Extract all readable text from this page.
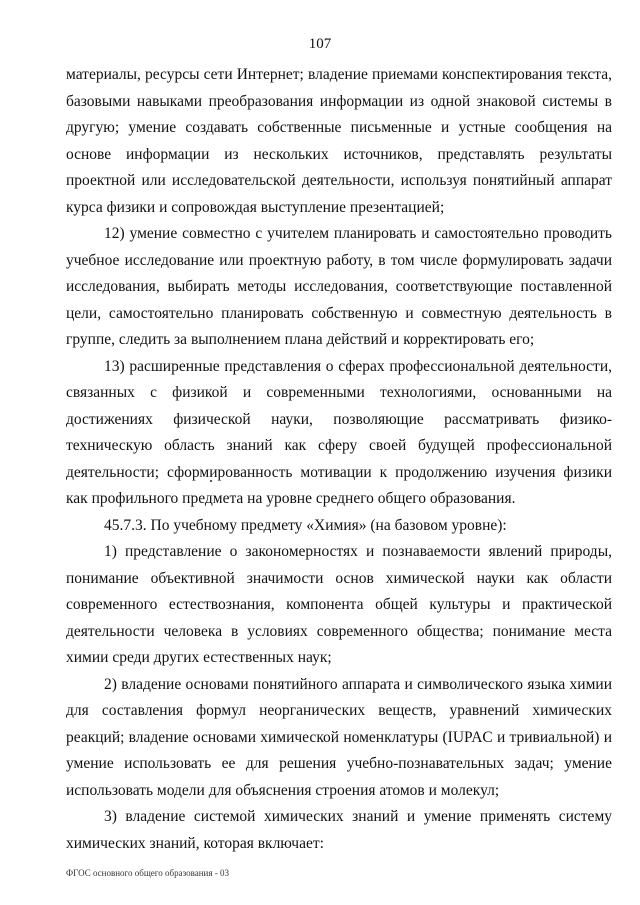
107

материалы, ресурсы сети Интернет; владение приемами конспектирования текста, базовыми навыками преобразования информации из одной знаковой системы в другую; умение создавать собственные письменные и устные сообщения на основе информации из нескольких источников, представлять результаты проектной или исследовательской деятельности, используя понятийный аппарат курса физики и сопровождая выступление презентацией;

12) умение совместно с учителем планировать и самостоятельно проводить учебное исследование или проектную работу, в том числе формулировать задачи исследования, выбирать методы исследования, соответствующие поставленной цели, самостоятельно планировать собственную и совместную деятельность в группе, следить за выполнением плана действий и корректировать его;

13) расширенные представления о сферах профессиональной деятельности, связанных с физикой и современными технологиями, основанными на достижениях физической науки, позволяющие рассматривать физико-техническую область знаний как сферу своей будущей профессиональной деятельности; сформированность мотивации к продолжению изучения физики как профильного предмета на уровне среднего общего образования.

45.7.3. По учебному предмету «Химия» (на базовом уровне):

1) представление о закономерностях и познаваемости явлений природы, понимание объективной значимости основ химической науки как области современного естествознания, компонента общей культуры и практической деятельности человека в условиях современного общества; понимание места химии среди других естественных наук;

2) владение основами понятийного аппарата и символического языка химии для составления формул неорганических веществ, уравнений химических реакций; владение основами химической номенклатуры (IUPAC и тривиальной) и умение использовать ее для решения учебно-познавательных задач; умение использовать модели для объяснения строения атомов и молекул;

3) владение системой химических знаний и умение применять систему химических знаний, которая включает:

ФГОС основного общего образования - 03
